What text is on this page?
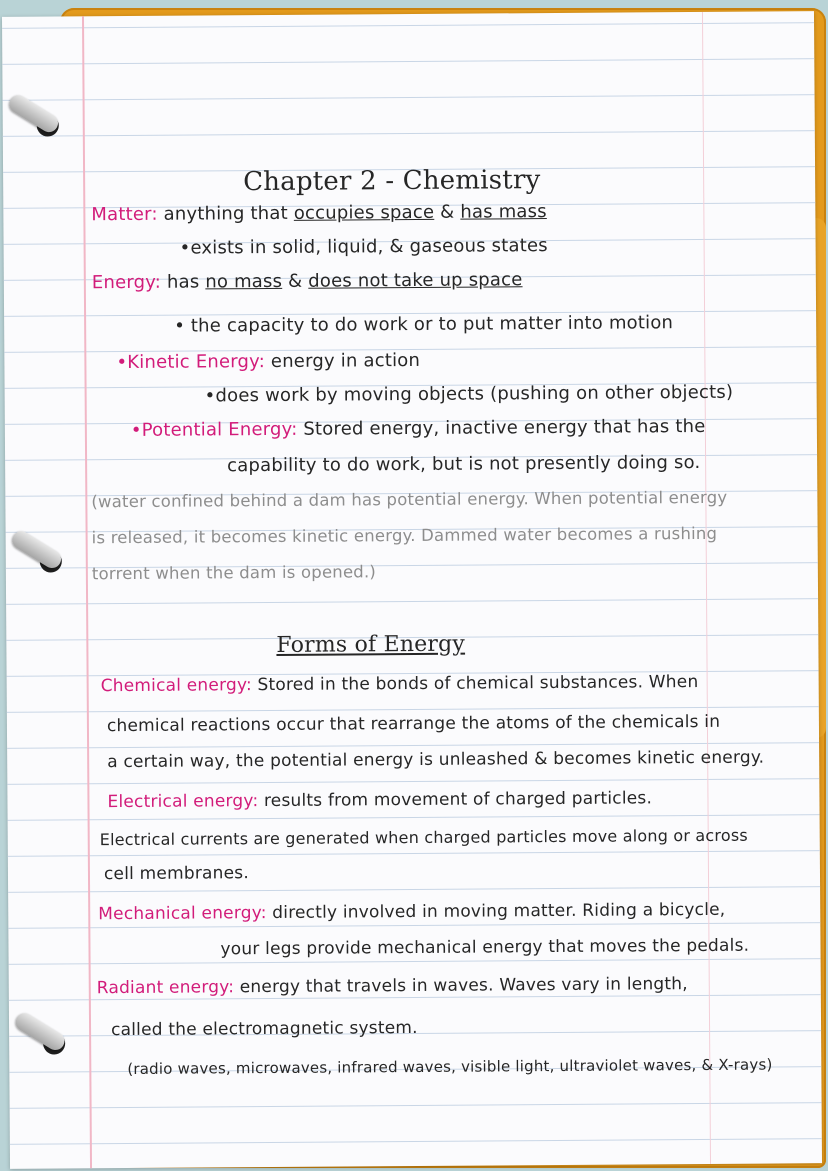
Chapter 2 - Chemistry
Matter: anything that occupies space & has mass
•exists in solid, liquid, & gaseous states
Energy: has no mass & does not take up space
• the capacity to do work or to put matter into motion
•Kinetic Energy: energy in action
•does work by moving objects (pushing on other objects)
•Potential Energy: Stored energy, inactive energy that has the
capability to do work, but is not presently doing so.
(water confined behind a dam has potential energy. When potential energy
is released, it becomes kinetic energy. Dammed water becomes a rushing
torrent when the dam is opened.)
Forms of Energy
Chemical energy: Stored in the bonds of chemical substances. When
chemical reactions occur that rearrange the atoms of the chemicals in
a certain way, the potential energy is unleashed & becomes kinetic energy.
Electrical energy: results from movement of charged particles.
Electrical currents are generated when charged particles move along or across
cell membranes.
Mechanical energy: directly involved in moving matter. Riding a bicycle,
your legs provide mechanical energy that moves the pedals.
Radiant energy: energy that travels in waves. Waves vary in length,
called the electromagnetic system.
(radio waves, microwaves, infrared waves, visible light, ultraviolet waves, & X-rays)
